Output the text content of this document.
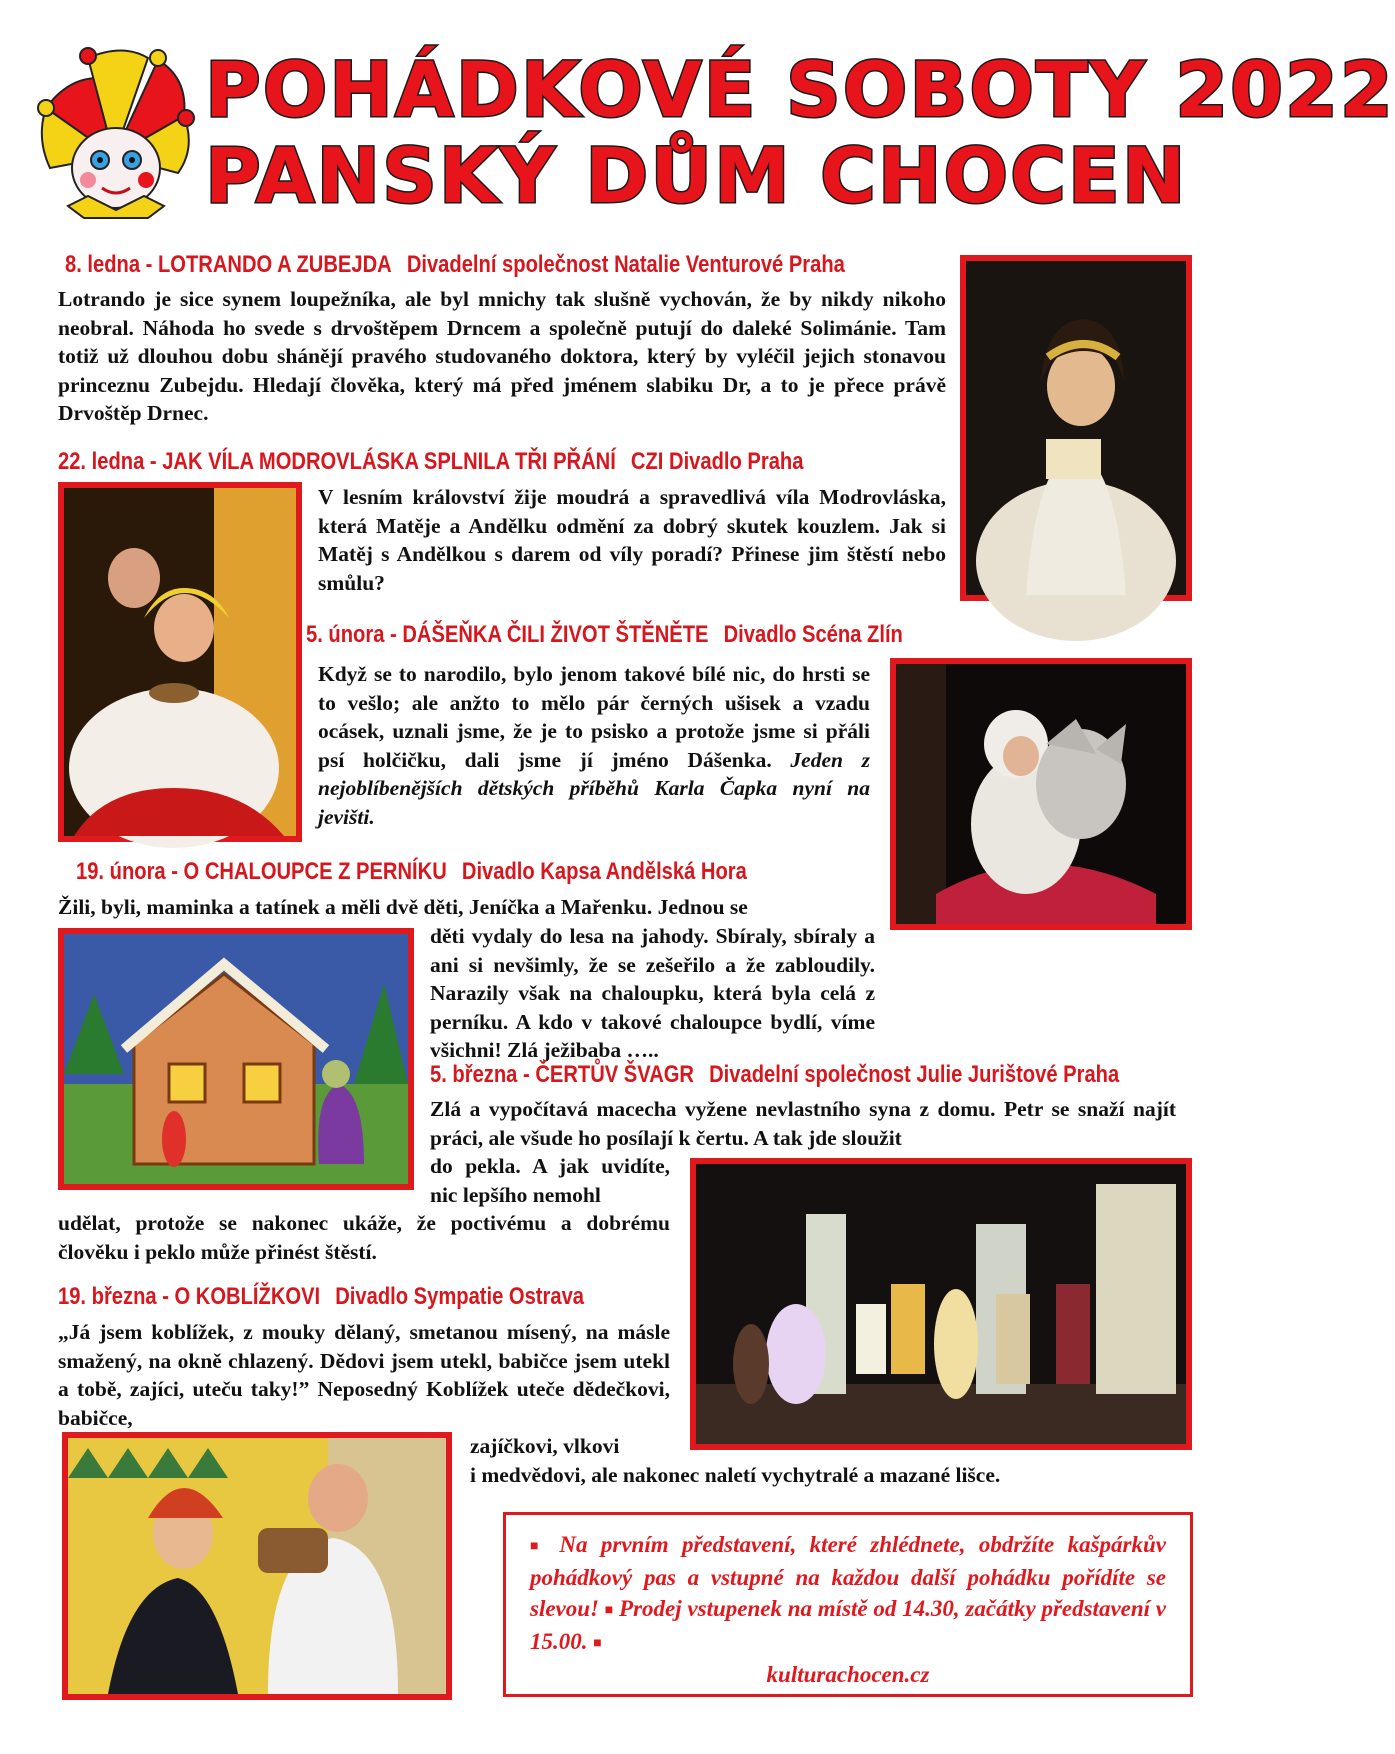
POHÁDKOVÉ SOBOTY 2022
PANSKÝ DŮM CHOCEN
8. ledna - LOTRANDO A ZUBEJDA Divadelní společnost Natalie Venturové Praha
Lotrando je sice synem loupežníka, ale byl mnichy tak slušně vychován, že by nikdy nikoho neobral. Náhoda ho svede s drvoštěpem Drncem a společně putují do daleké Solimánie. Tam totiž už dlouhou dobu shánějí pravého studovaného doktora, který by vyléčil jejich stonavou princeznu Zubejdu. Hledají člověka, který má před jménem slabiku Dr, a to je přece právě Drvoštěp Drnec.
22. ledna - JAK VÍLA MODROVLÁSKA SPLNILA TŘI PŘÁNÍ CZI Divadlo Praha
V lesním království žije moudrá a spravedlivá víla Modrovláska, která Matěje a Andělku odmění za dobrý skutek kouzlem. Jak si Matěj s Andělkou s darem od víly poradí? Přinese jim štěstí nebo smůlu?
5. února - DÁŠEŇKA ČILI ŽIVOT ŠTĚNĚTE Divadlo Scéna Zlín
Když se to narodilo, bylo jenom takové bílé nic, do hrsti se to vešlo; ale anžto to mělo pár černých ušisek a vzadu ocásek, uznali jsme, že je to psisko a protože jsme si přáli psí holčičku, dali jsme jí jméno Dášenka. Jeden z nejoblíbenějších dětských příběhů Karla Čapka nyní na jevišti.
19. února - O CHALOUPCE Z PERNÍKU Divadlo Kapsa Andělská Hora
Žili, byli, maminka a tatínek a měli dvě děti, Jeníčka a Mařenku. Jednou se

děti vydaly do lesa na jahody. Sbíraly, sbíraly a ani si nevšimly, že se zešeřilo a že zabloudily. Narazily však na chaloupku, která byla celá z perníku. A kdo v takové chaloupce bydlí, víme všichni! Zlá ježibaba …..

5. března - ČERTŮV ŠVAGR Divadelní společnost Julie Jurištové Praha
Zlá a vypočítavá macecha vyžene nevlastního syna z domu. Petr se snaží najít práci, ale všude ho posílají k čertu. A tak jde sloužit
do pekla. A jak uvidíte, nic lepšího nemohl
udělat, protože se nakonec ukáže, že poctivému a dobrému člověku i peklo může přinést štěstí.
19. března - O KOBLÍŽKOVI Divadlo Sympatie Ostrava
„Já jsem koblížek, z mouky dělaný, smetanou mísený, na másle smažený, na okně chlazený. Dědovi jsem utekl, babičce jsem utekl a tobě, zajíci, uteču taky!” Neposedný Koblížek uteče dědečkovi, babičce,
zajíčkovi, vlkovi
i medvědovi, ale nakonec naletí vychytralé a mazané lišce.
■ Na prvním představení, které zhlédnete, obdržíte kašpárkův pohádkový pas a vstupné na každou další pohádku pořídíte se slevou! ■ Prodej vstupenek na místě od 14.30, začátky představení v 15.00. ■
kulturachocen.cz
